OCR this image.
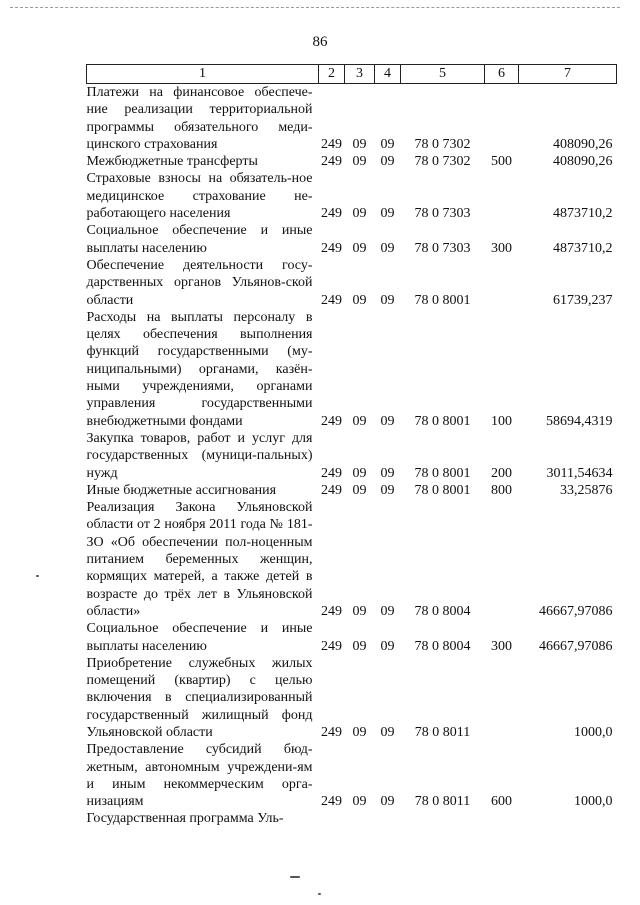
86
1	2	3	4	5	6	7
Платежи на финансовое обеспече-ние реализации территориальной программы обязательного меди-цинского страхования	249	09	09	78 0 7302		408090,26
Межбюджетные трансферты	249	09	09	78 0 7302	500	408090,26
Страховые взносы на обязатель-ное медицинское страхование не-работающего населения	249	09	09	78 0 7303		4873710,2
Социальное обеспечение и иные выплаты населению	249	09	09	78 0 7303	300	4873710,2
Обеспечение деятельности госу-дарственных органов Ульянов-ской области	249	09	09	78 0 8001		61739,237
Расходы на выплаты персоналу в целях обеспечения выполнения функций государственными (му-ниципальными) органами, казён-ными учреждениями, органами управления государственными внебюджетными фондами	249	09	09	78 0 8001	100	58694,4319
Закупка товаров, работ и услуг для государственных (муници-пальных) нужд	249	09	09	78 0 8001	200	3011,54634
Иные бюджетные ассигнования	249	09	09	78 0 8001	800	33,25876
Реализация Закона Ульяновской области от 2 ноября 2011 года № 181-ЗО «Об обеспечении пол-ноценным питанием беременных женщин, кормящих матерей, а также детей в возрасте до трёх лет в Ульяновской области»	249	09	09	78 0 8004		46667,97086
Социальное обеспечение и иные выплаты населению	249	09	09	78 0 8004	300	46667,97086
Приобретение служебных жилых помещений (квартир) с целью включения в специализированный государственный жилищный фонд Ульяновской области	249	09	09	78 0 8011		1000,0
Предоставление субсидий бюд-жетным, автономным учреждени-ям и иным некоммерческим орга-низациям	249	09	09	78 0 8011	600	1000,0
Государственная программа Уль-						
